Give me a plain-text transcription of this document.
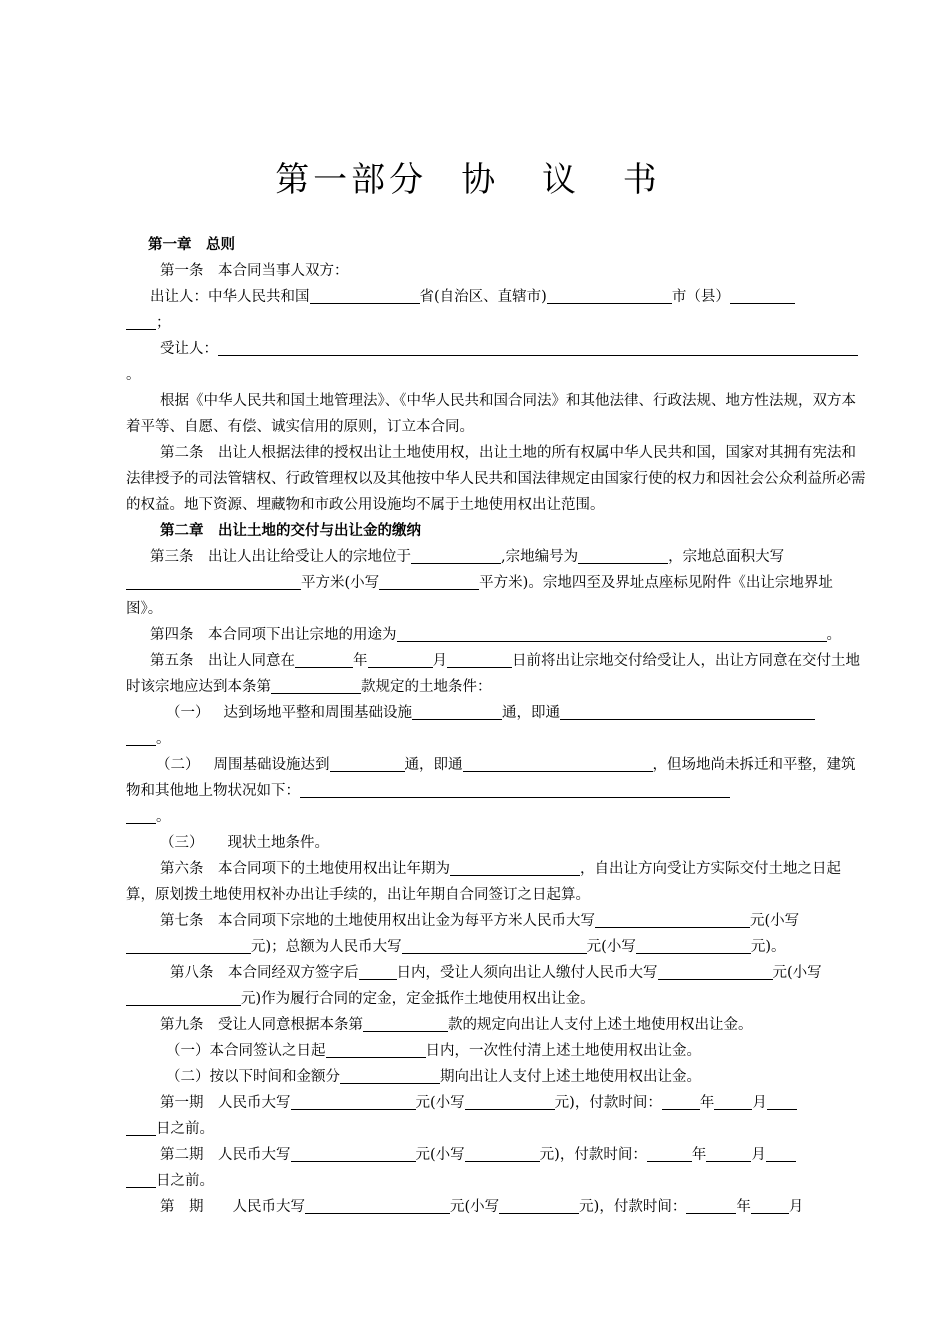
第一部分 协 议 书

第一章　总则

第一条　本合同当事人双方：

出让人：中华人民共和国	省(自治区、直辖市)	市（县）
；

受让人：。

根据《中华人民共和国土地管理法》、《中华人民共和国合同法》和其他法律、行政法规、地方性法规，双方本着平等、自愿、有偿、诚实信用的原则，订立本合同。

第二条　出让人根据法律的授权出让土地使用权，出让土地的所有权属中华人民共和国，国家对其拥有宪法和法律授予的司法管辖权、行政管理权以及其他按中华人民共和国法律规定由国家行使的权力和因社会公众利益所必需的权益。地下资源、埋藏物和市政公用设施均不属于土地使用权出让范围。

第二章　出让土地的交付与出让金的缴纳

第三条　出让人出让给受让人的宗地位于	,宗地编号为	，宗地总面积大写平方米(小写	平方米)。宗地四至及界址点座标见附件《出让宗地界址图》。

第四条　本合同项下出让宗地的用途为	。

第五条　出让人同意在	年	月	日前将出让宗地交付给受让人，出让方同意在交付土地时该宗地应达到本条第	款规定的土地条件：

（一） 达到场地平整和周围基础设施	通，即通
。

（二） 周围基础设施达到	通，即通	，但场地尚未拆迁和平整，建筑物和其他地上物状况如下：
。

（三） 现状土地条件。

第六条　本合同项下的土地使用权出让年期为	，自出让方向受让方实际交付土地之日起算，原划拨土地使用权补办出让手续的，出让年期自合同签订之日起算。

第七条　本合同项下宗地的土地使用权出让金为每平方米人民币大写	元(小写元)；总额为人民币大写	元(小写	元)。

第八条　本合同经双方签字后	日内，受让人须向出让人缴付人民币大写	元(小写元)作为履行合同的定金，定金抵作土地使用权出让金。

第九条　受让人同意根据本条第	款的规定向出让人支付上述土地使用权出让金。

（一）本合同签认之日起	日内，一次性付清上述土地使用权出让金。

（二）按以下时间和金额分	期向出让人支付上述土地使用权出让金。

第一期　人民币大写	元(小写	元)，付款时间：	年	月
日之前。

第二期　人民币大写	元(小写	元)，付款时间：	年	月
日之前。

第　期　　人民币大写	元(小写	元)，付款时间：	年	月
